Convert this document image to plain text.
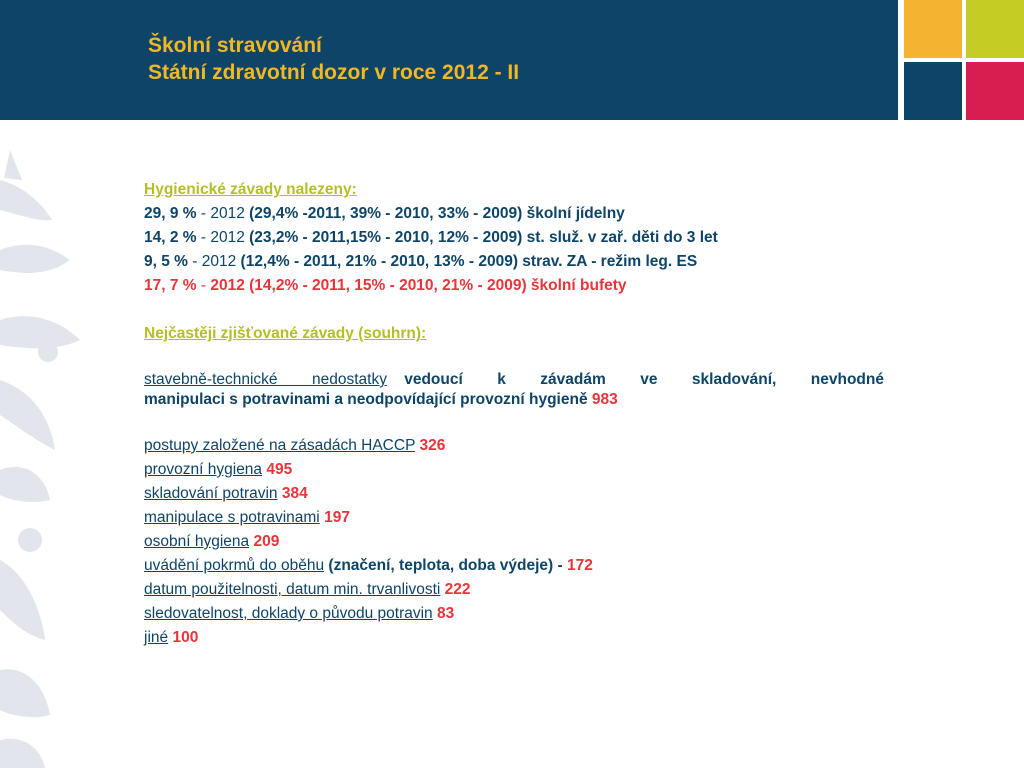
Školní stravování
Státní zdravotní dozor v roce 2012 - II
Hygienické závady nalezeny:
29, 9 % - 2012 (29,4% -2011, 39% - 2010, 33% - 2009) školní jídelny
14, 2 % - 2012 (23,2% - 2011,15% - 2010, 12% - 2009) st. služ. v zař. děti do 3 let
9, 5 % - 2012 (12,4% - 2011, 21% - 2010, 13% - 2009) strav. ZA - režim leg. ES
17, 7 % - 2012 (14,2% - 2011, 15% - 2010, 21% - 2009) školní bufety
Nejčastěji zjišťované závady (souhrn):
stavebně-technické  nedostatky vedoucí  k  závadám  ve  skladování,  nevhodné
manipulaci s potravinami a neodpovídající provozní hygieně 983
postupy založené na zásadách HACCP 326
provozní hygiena 495
skladování potravin 384
manipulace s potravinami 197
osobní hygiena 209
uvádění pokrmů do oběhu (značení, teplota, doba výdeje) - 172
datum použitelnosti, datum min. trvanlivosti 222
sledovatelnost, doklady o původu potravin 83
jiné 100
